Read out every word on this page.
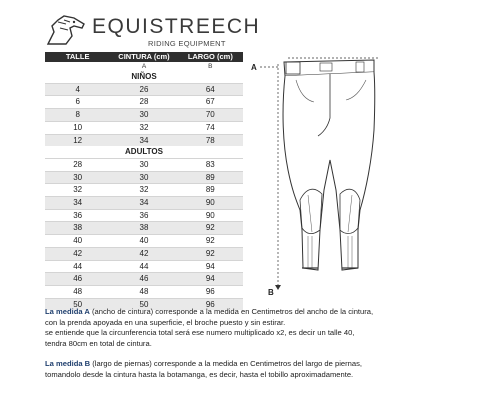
EQUISTREECH
RIDING EQUIPMENT
TALLE	CINTURA (cm)	LARGO (cm)
	A	B
NIÑOS		
4	26	64
6	28	67
8	30	70
10	32	74
12	34	78
ADULTOS		
28	30	83
30	30	89
32	32	89
34	34	90
36	36	90
38	38	92
40	40	92
42	42	92
44	44	94
46	46	94
48	48	96
50	50	96
A
B

La medida A (ancho de cintura) corresponde a la medida en Centimetros del ancho de la cintura,

con la prenda apoyada en una superficie, el broche puesto y sin estirar.

se entiende que la circunferencia total será ese numero multiplicado x2, es decir un talle 40,

tendra 80cm en total de cintura.

La medida B (largo de piernas) corresponde a la medida en Centimetros del largo de piernas,

tomandolo desde la cintura hasta la botamanga, es decir, hasta el tobillo aproximadamente.
